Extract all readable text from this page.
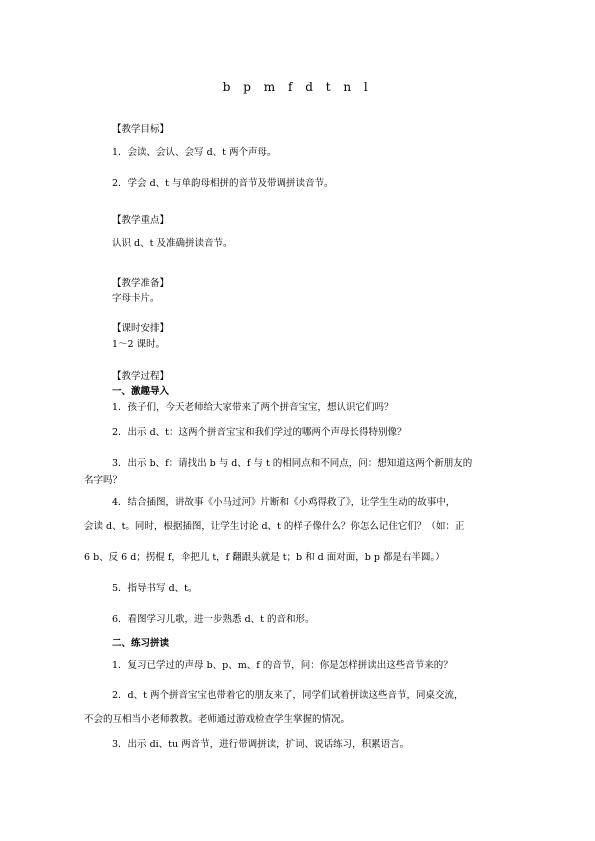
b p m f d t n l
【教学目标】
1．会读、会认、会写 d、t 两个声母。
2．学会 d、t 与单韵母相拼的音节及带调拼读音节。
【教学重点】
认识 d、t 及准确拼读音节。
【教学准备】
字母卡片。
【课时安排】
1～2 课时。
【教学过程】
一、激趣导入
1．孩子们，今天老师给大家带来了两个拼音宝宝，想认识它们吗？
2．出示 d、t：这两个拼音宝宝和我们学过的哪两个声母长得特别像？
3．出示 b、f：请找出 b 与 d、f 与 t 的相同点和不同点，问：想知道这两个新朋友的
名字吗？
4．结合插图，讲故事《小马过河》片断和《小鸡得救了》，让学生生动的故事中，
会读 d、t。同时，根据插图，让学生讨论 d、t 的样子像什么？你怎么记住它们？（如：正
6 b、反 6 d；拐棍 f，伞把儿 t，f 翻跟头就是 t；b 和 d 面对面，b p 都是右半圆。）
5．指导书写 d、t。
6．看图学习儿歌，进一步熟悉 d、t 的音和形。
二、练习拼读
1．复习已学过的声母 b、p、m、f 的音节，问：你是怎样拼读出这些音节来的？
2．d、t 两个拼音宝宝也带着它的朋友来了，同学们试着拼读这些音节，同桌交流，
不会的互相当小老师教教。老师通过游戏检查学生掌握的情况。
3．出示 di、tu 两音节，进行带调拼读，扩词、说话练习，积累语言。
